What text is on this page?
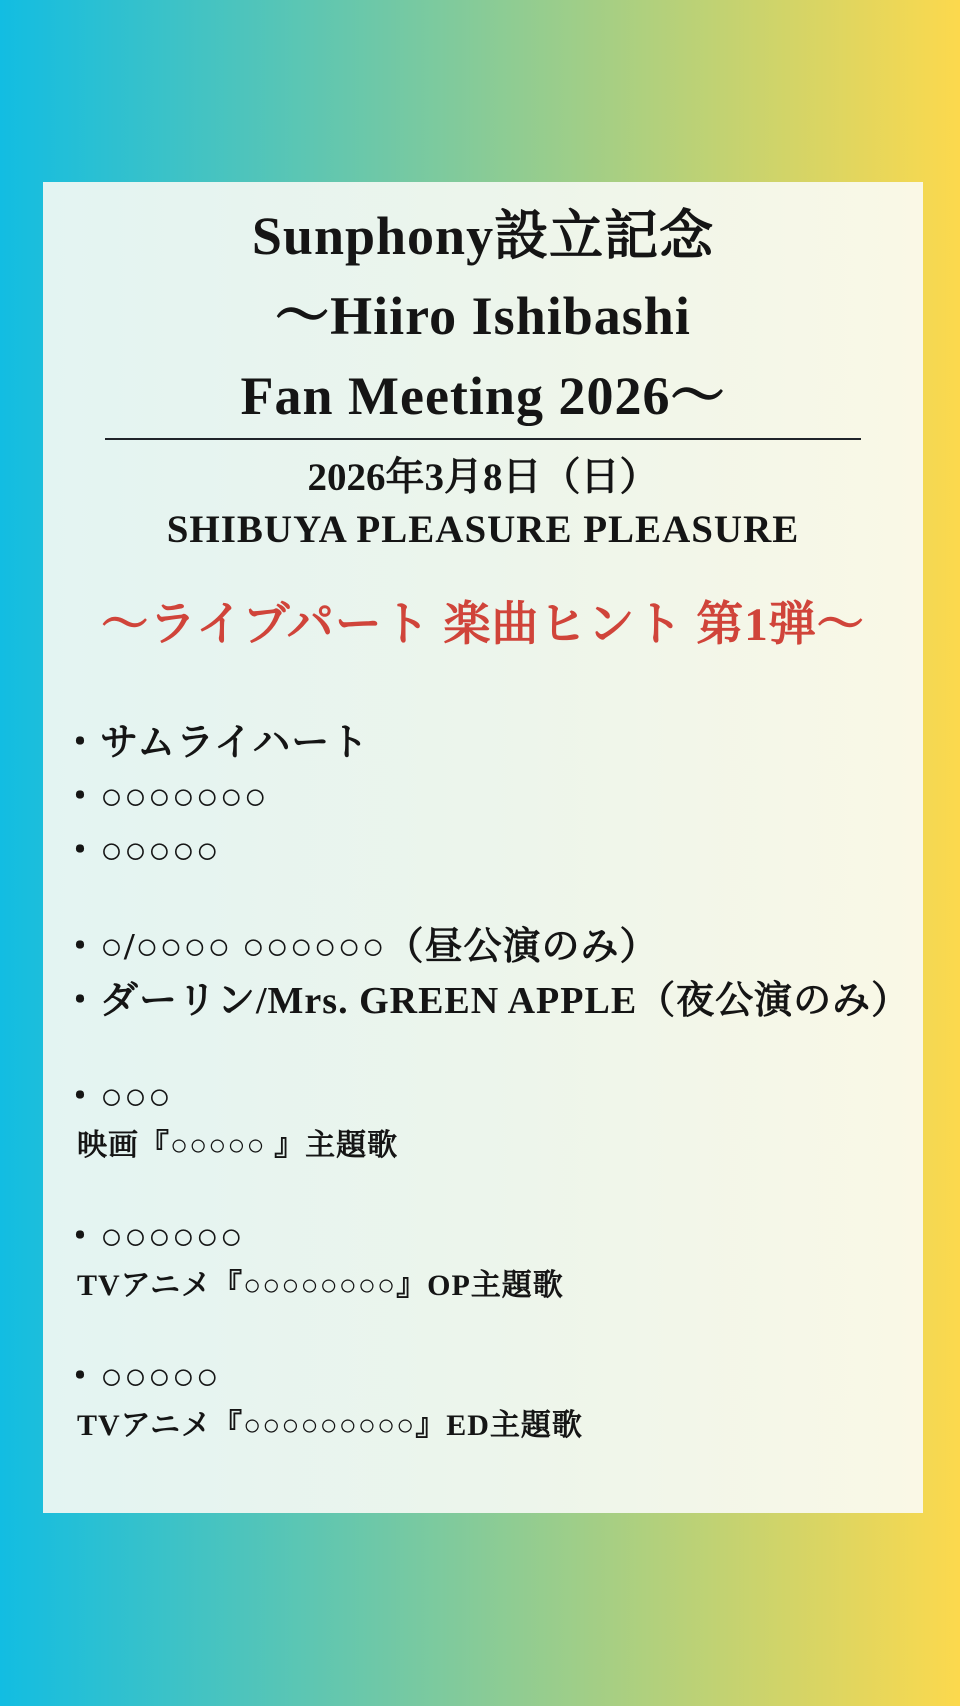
Sunphony設立記念
～Hiiro Ishibashi
Fan Meeting 2026～

2026年3月8日（日）

SHIBUYA PLEASURE PLEASURE

～ライブパート 楽曲ヒント 第1弾～
・サムライハート
・○○○○○○○
・○○○○○
・○/○○○○ ○○○○○○（昼公演のみ）
・ダーリン/Mrs. GREEN APPLE（夜公演のみ）
・○○○
映画『○○○○○ 』主題歌
・○○○○○○
TVアニメ『○○○○○○○○』OP主題歌
・○○○○○
TVアニメ『○○○○○○○○○』ED主題歌
